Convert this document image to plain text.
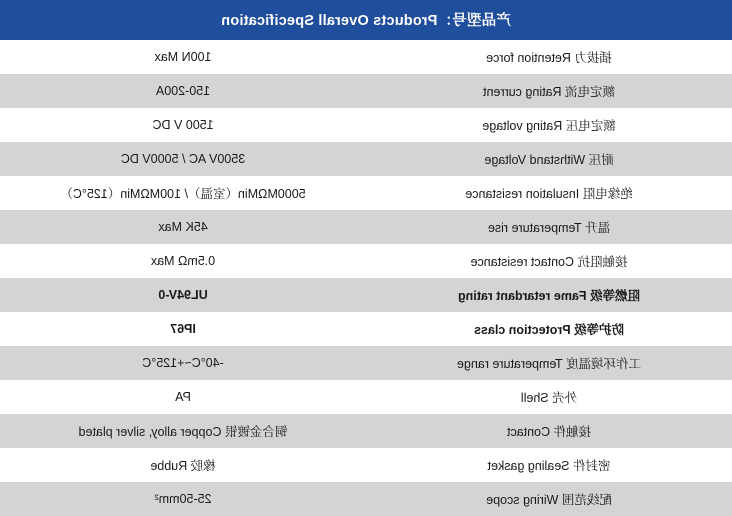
产品型号：Products Overall Specification	
插拔力 Retention force	100N Max
额定电流 Rating current	150-200A
额定电压 Rating voltage	1500 V DC
耐压 Withstand Voltage	3500V AC / 5000V DC
绝缘电阻 Insulation resistance	5000MΩMin（室温）/ 100MΩMin（125°C）
温升 Temperature rise	45K Max
接触阻抗 Contact resistance	0.5mΩ Max
阻燃等级 Fame retardant rating	UL94V-0
防护等级 Protection class	IP67
工作环境温度 Temperature range	-40°C~+125°C
外壳 Shell	PA
接触件 Contact	铜合金镀银 Copper alloy, silver plated
密封件 Sealing gasket	橡胶 Rubbe
配线范围 Wiring scope	25-50mm²
